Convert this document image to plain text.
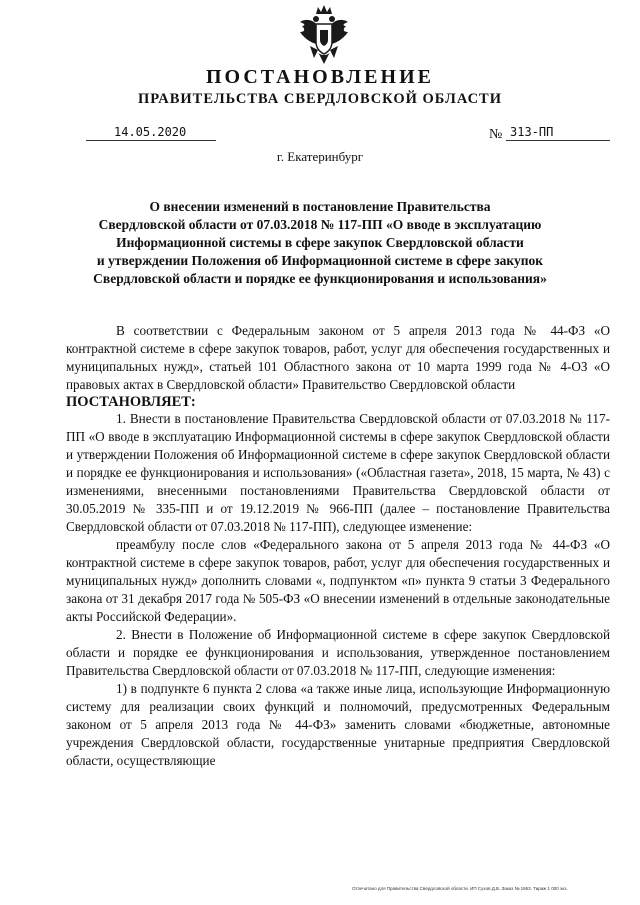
ПОСТАНОВЛЕНИЕ
ПРАВИТЕЛЬСТВА СВЕРДЛОВСКОЙ ОБЛАСТИ
14.05.2020	№ 313-ПП
г. Екатеринбург
О внесении изменений в постановление Правительства
Свердловской области от 07.03.2018 № 117-ПП «О вводе в эксплуатацию
Информационной системы в сфере закупок Свердловской области
и утверждении Положения об Информационной системе в сфере закупок
Свердловской области и порядке ее функционирования и использования»

В соответствии с Федеральным законом от 5 апреля 2013 года № 44-ФЗ «О контрактной системе в сфере закупок товаров, работ, услуг для обеспечения государственных и муниципальных нужд», статьей 101 Областного закона от 10 марта 1999 года № 4-ОЗ «О правовых актах в Свердловской области» Правительство Свердловской области

ПОСТАНОВЛЯЕТ:

1. Внести в постановление Правительства Свердловской области от 07.03.2018 № 117-ПП «О вводе в эксплуатацию Информационной системы в сфере закупок Свердловской области и утверждении Положения об Информационной системе в сфере закупок Свердловской области и порядке ее функционирования и использования» («Областная газета», 2018, 15 марта, № 43) с изменениями, внесенными постановлениями Правительства Свердловской области от 30.05.2019 № 335-ПП и от 19.12.2019 № 966-ПП (далее – постановление Правительства Свердловской области от 07.03.2018 № 117-ПП), следующее изменение:

преамбулу после слов «Федерального закона от 5 апреля 2013 года № 44-ФЗ «О контрактной системе в сфере закупок товаров, работ, услуг для обеспечения государственных и муниципальных нужд» дополнить словами «, подпунктом «п» пункта 9 статьи 3 Федерального закона от 31 декабря 2017 года № 505-ФЗ «О внесении изменений в отдельные законодательные акты Российской Федерации».

2. Внести в Положение об Информационной системе в сфере закупок Свердловской области и порядке ее функционирования и использования, утвержденное постановлением Правительства Свердловской области от 07.03.2018 № 117-ПП, следующие изменения:

1) в подпункте 6 пункта 2 слова «а также иные лица, использующие Информационную систему для реализации своих функций и полномочий, предусмотренных Федеральным законом от 5 апреля 2013 года № 44-ФЗ» заменить словами «бюджетные, автономные учреждения Свердловской области, государственные унитарные предприятия Свердловской области, осуществляющие

Отпечатано для Правительства Свердловской области. ИП Сухов Д.В. Заказ № 1863. Тираж 1 000 экз.
